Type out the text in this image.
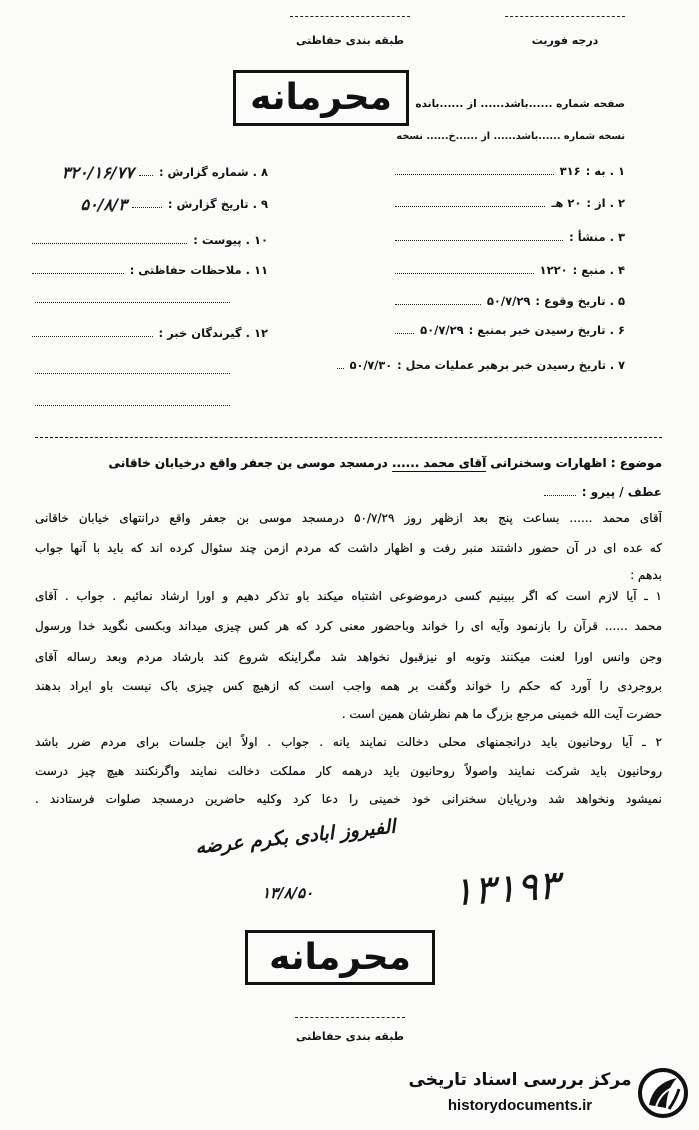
طبقه بندی حفاظتی	درجه فوریت
محرمانه	صفحه شماره ......باشد...... از ......بانده
نسخه شماره ......باشد...... از ......خ...... نسخه
۱ . به :
۳۱۶
۲ . از :
۲۰ هـ
۳ . منشأ :
۴ . منبع :
۱۲۲۰
۵ . تاریخ وقوع :
۵۰/۷/۲۹
۶ . تاریخ رسیدن خبر بمنبع :
۵۰/۷/۲۹
۷ . تاریخ رسیدن خبر برهبر عملیات محل :
۵۰/۷/۳۰
۸ . شماره گزارش :
۳۲۰/۱۶/۷۷
۹ . تاریخ گزارش :
۵۰/۸/۳
۱۰ . پیوست :
۱۱ . ملاحظات حفاظتی :
۱۲ . گیرندگان خبر :
موضوع : اظهارات وسخنرانی آقای محمد ...... درمسجد موسی بن جعفر واقع درخیابان خاقانی
عطف / پیرو :
آقای محمد ...... بساعت پنج بعد ازظهر روز ۵۰/۷/۲۹ درمسجد موسی بن جعفر واقع درانتهای خیابان خاقانی
که عده ای در آن حضور داشتند منبر رفت و اظهار داشت که مردم ازمن چند سئوال کرده اند که باید با آنها جواب
بدهم :
۱ ـ آیا لازم است که اگر ببینیم کسی درموضوعی اشتباه میکند باو تذکر دهیم و اورا ارشاد نمائیم . جواب . آقای
محمد ...... قرآن را بازنمود وآیه ای را خواند وباحضور معنی کرد که هر کس چیزی میداند وبکسی نگوید خدا ورسول
وجن وانس اورا لعنت میکنند وتوبه او نیزقبول نخواهد شد مگراینکه شروع کند بارشاد مردم وبعد رساله آقای
بروجردی را آورد که حکم را خواند وگفت بر همه واجب است که ازهیچ کس چیزی باک نیست باو ایراد بدهند
حضرت آیت الله خمینی مرجع بزرگ ما هم نظرشان همین است .
۲ ـ آیا روحانیون باید درانجمنهای محلی دخالت نمایند یانه . جواب . اولاً این جلسات برای مردم ضرر باشد
روحانیون باید شرکت نمایند واصولاً روحانیون باید درهمه کار مملکت دخالت نمایند واگرنکنند هیچ چیز درست
نمیشود ونخواهد شد ودرپایان سخنرانی خود خمینی را دعا کرد وکلیه حاضرین درمسجد صلوات فرستادند .
الفیروز ابادی بکرم عرضه
۱۳/۸/۵۰	۱۳۱۹۳
محرمانه
طبقه بندی حفاظتی
مرکز بررسی اسناد تاریخی
historydocuments.ir
